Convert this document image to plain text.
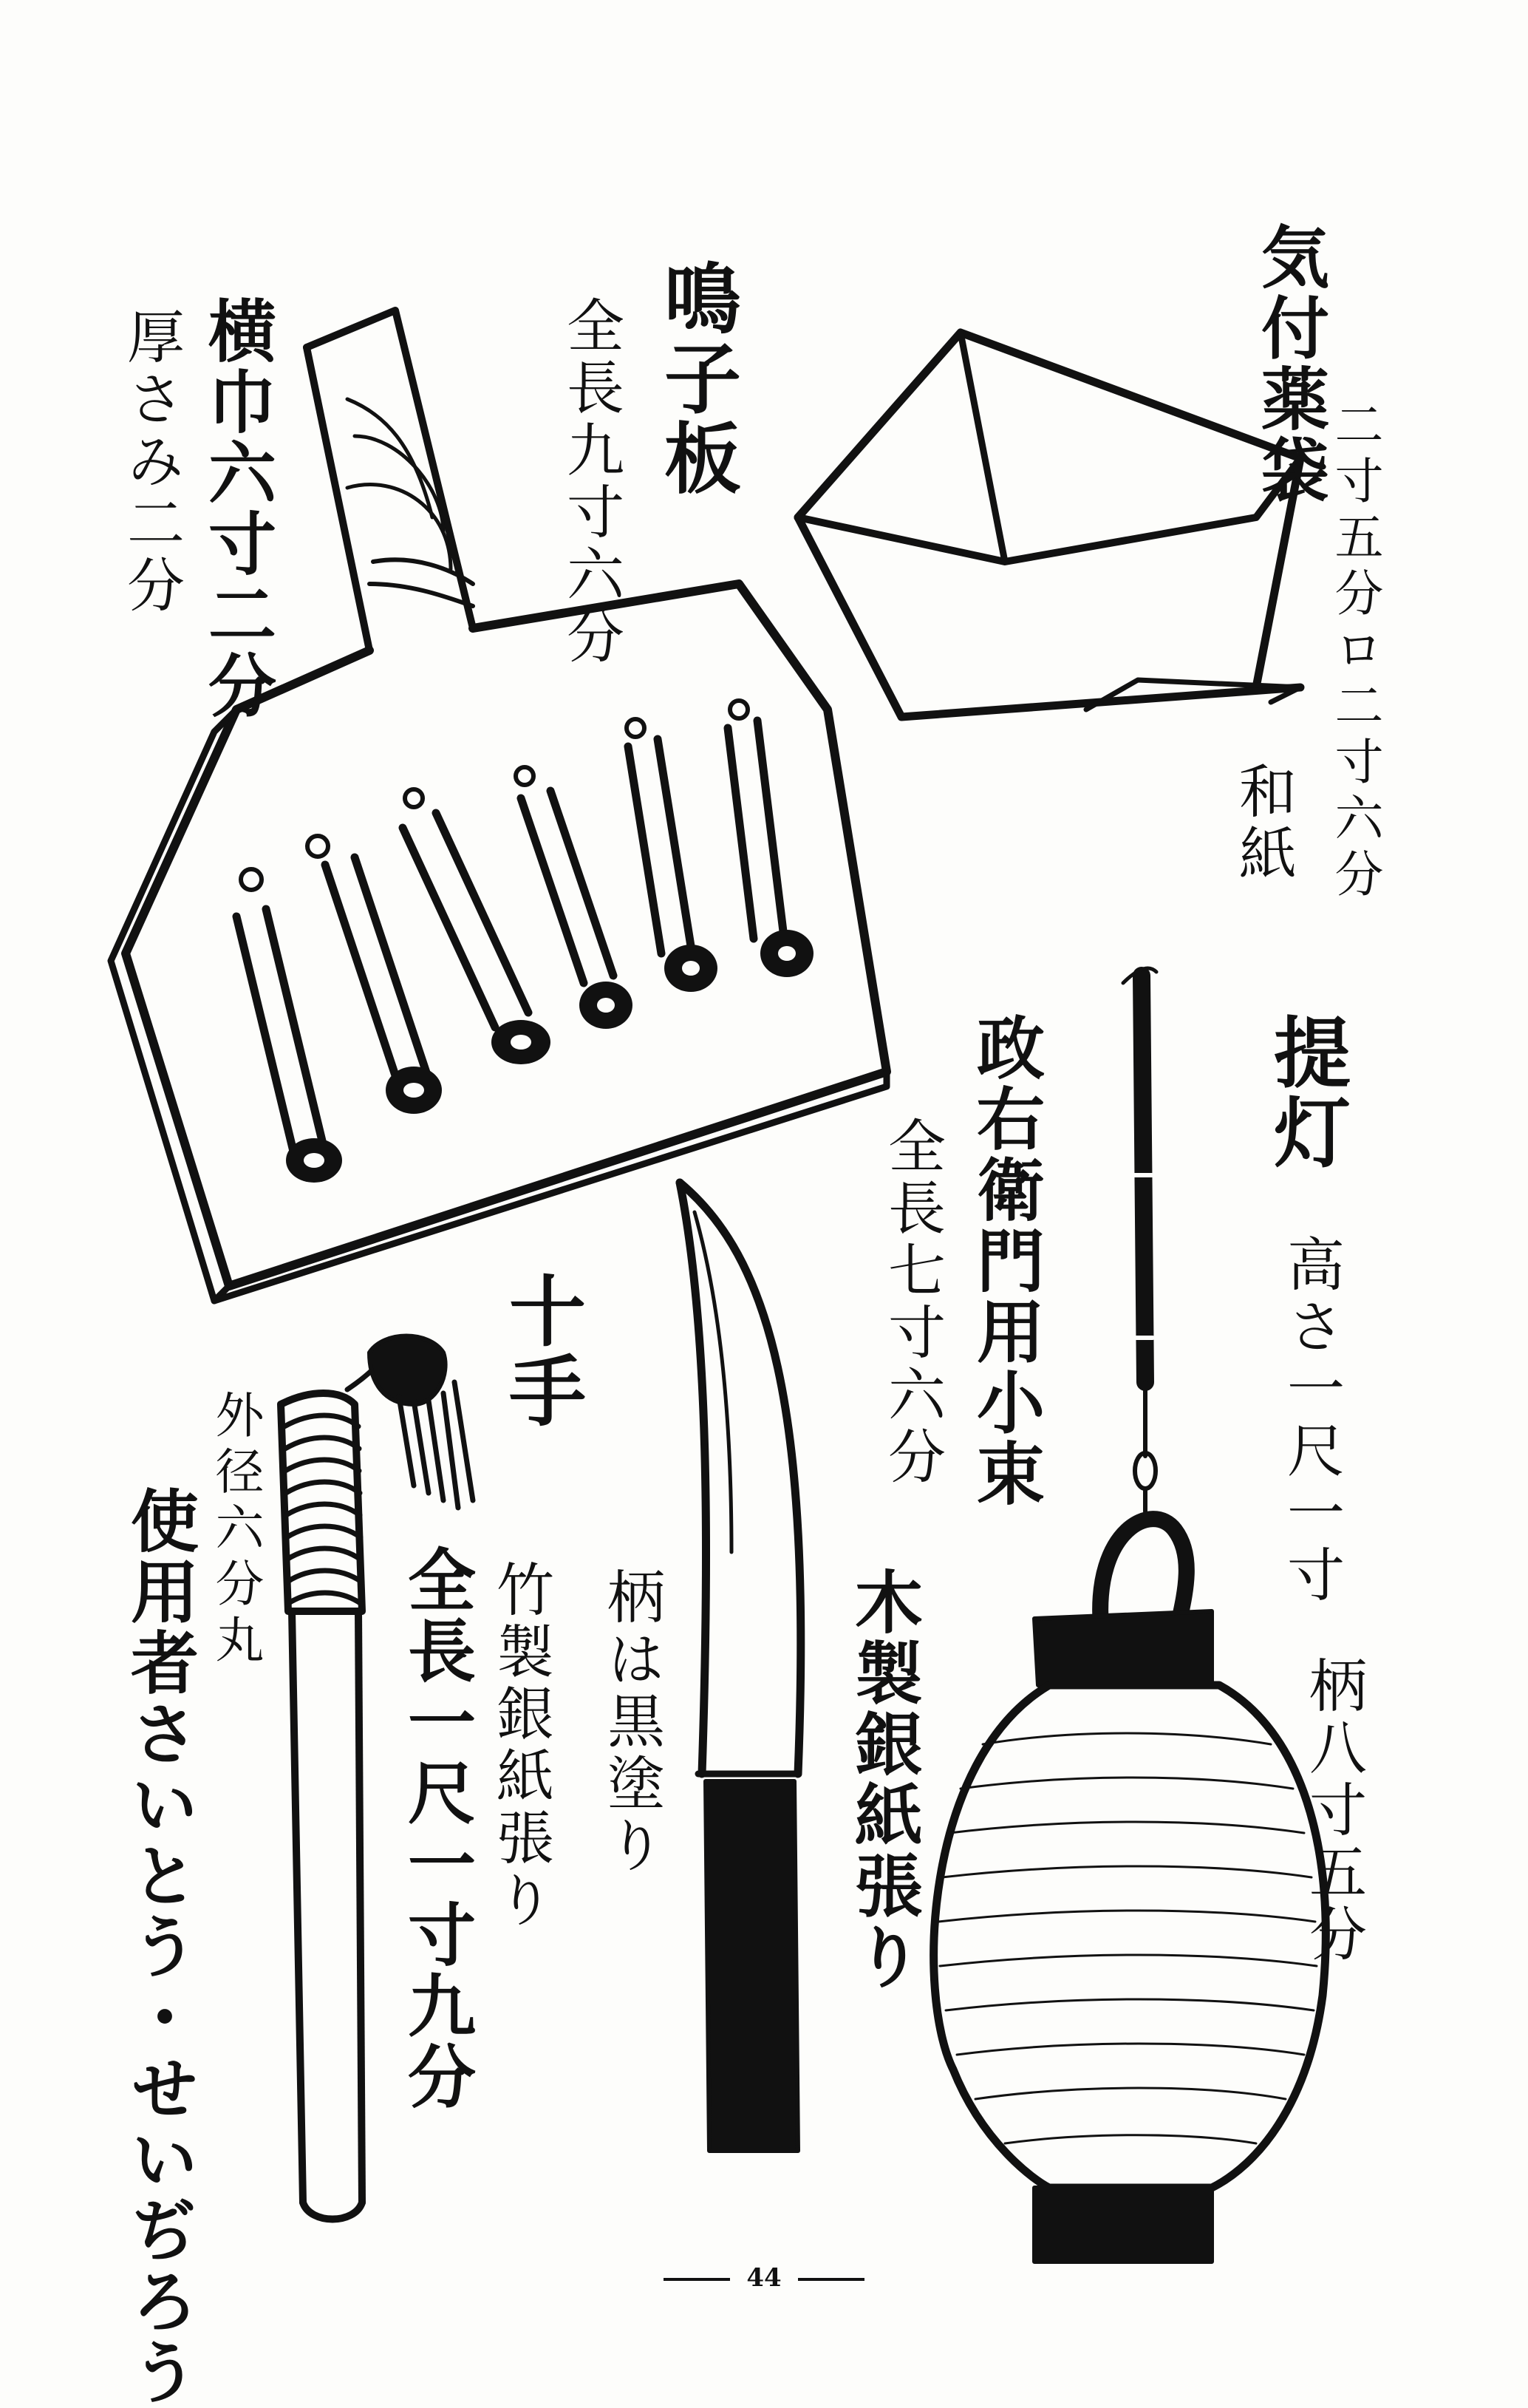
鳴子板
全長九寸六分
横巾六寸二分
厚さみ二分	気付薬袋
二寸五分ロ二寸六分
和紙
提灯
高さ一尺一寸
柄八寸五分
政右衛門用小束
全長七寸六分
柄は黒塗り	木製銀紙張り
十手
竹製銀紙張り
全長一尺一寸九分
外径六分丸
使用者さいとう・せいぢろう	44
